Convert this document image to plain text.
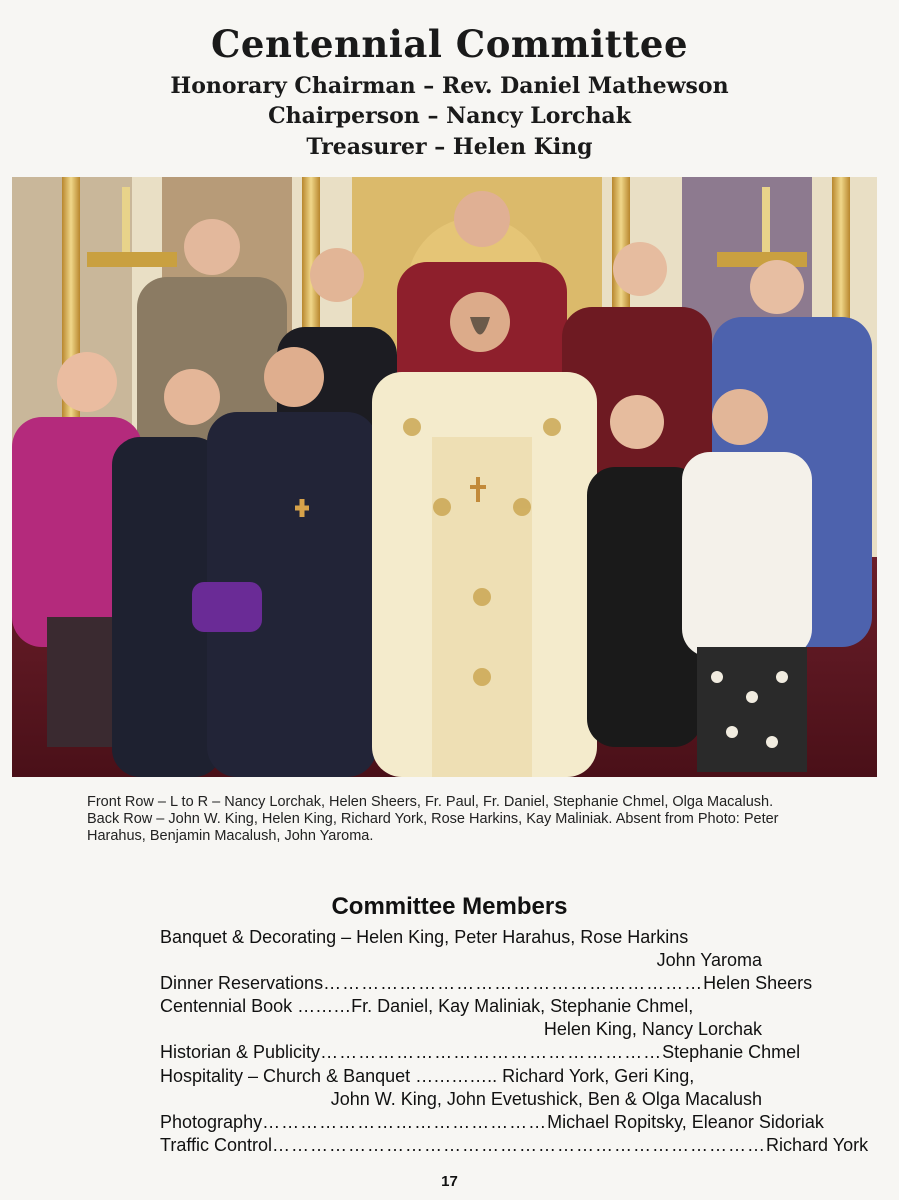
Centennial Committee
Honorary Chairman – Rev. Daniel Mathewson
Chairperson – Nancy Lorchak
Treasurer – Helen King
Front Row – L to R – Nancy Lorchak, Helen Sheers, Fr. Paul, Fr. Daniel, Stephanie Chmel, Olga Macalush. Back Row – John W. King, Helen King, Richard York, Rose Harkins, Kay Maliniak. Absent from Photo: Peter Harahus, Benjamin Macalush, John Yaroma.
Committee Members
Banquet & Decorating – Helen King, Peter Harahus, Rose Harkins
John Yaroma
Dinner Reservations …………………………………………………… Helen Sheers
Centennial Book ………Fr. Daniel, Kay Maliniak, Stephanie Chmel,
Helen King, Nancy Lorchak
Historian & Publicity ……………………………………………… Stephanie Chmel
Hospitality – Church & Banquet ………….. Richard York, Geri King,
John W. King, John Evetushick, Ben & Olga Macalush
Photography ……………………………………… Michael Ropitsky, Eleanor Sidoriak
Traffic Control …………………………………………………………………… Richard York
17
